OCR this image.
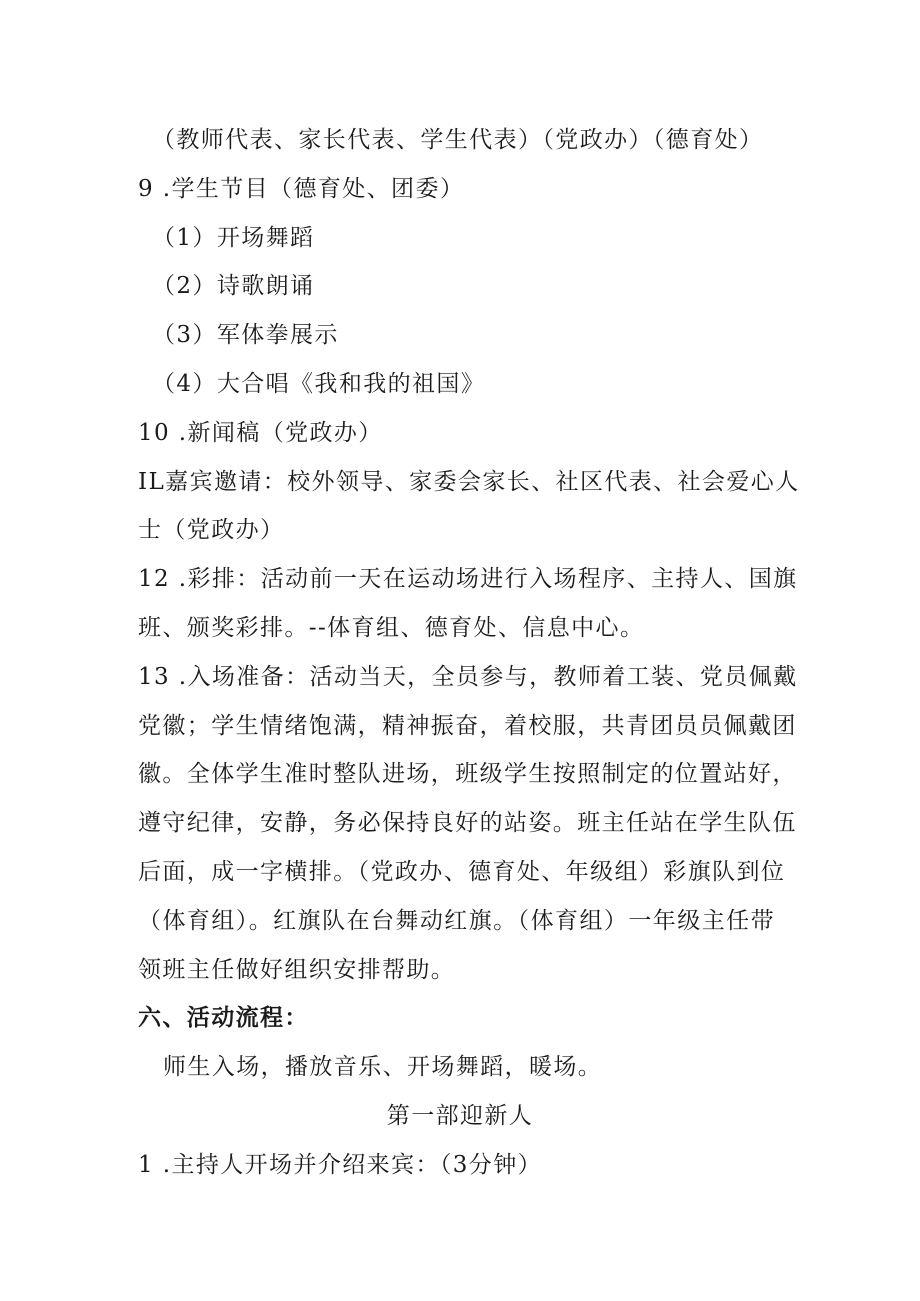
（教师代表、家长代表、学生代表）（党政办）（德育处）
9 .学生节目（德育处、团委）
（1）开场舞蹈
（2）诗歌朗诵
（3）军体拳展示
（4）大合唱《我和我的祖国》
10 .新闻稿（党政办）
IL嘉宾邀请：校外领导、家委会家长、社区代表、社会爱心人
士（党政办）
12 .彩排：活动前一天在运动场进行入场程序、主持人、国旗
班、颁奖彩排。--体育组、德育处、信息中心。
13 .入场准备：活动当天，全员参与，教师着工装、党员佩戴
党徽；学生情绪饱满，精神振奋，着校服，共青团员员佩戴团
徽。全体学生准时整队进场，班级学生按照制定的位置站好，
遵守纪律，安静，务必保持良好的站姿。班主任站在学生队伍
后面，成一字横排。（党政办、德育处、年级组）彩旗队到位
（体育组）。红旗队在台舞动红旗。（体育组）一年级主任带
领班主任做好组织安排帮助。
六、活动流程：
师生入场，播放音乐、开场舞蹈，暖场。
第一部迎新人
1 .主持人开场并介绍来宾：（3分钟）
